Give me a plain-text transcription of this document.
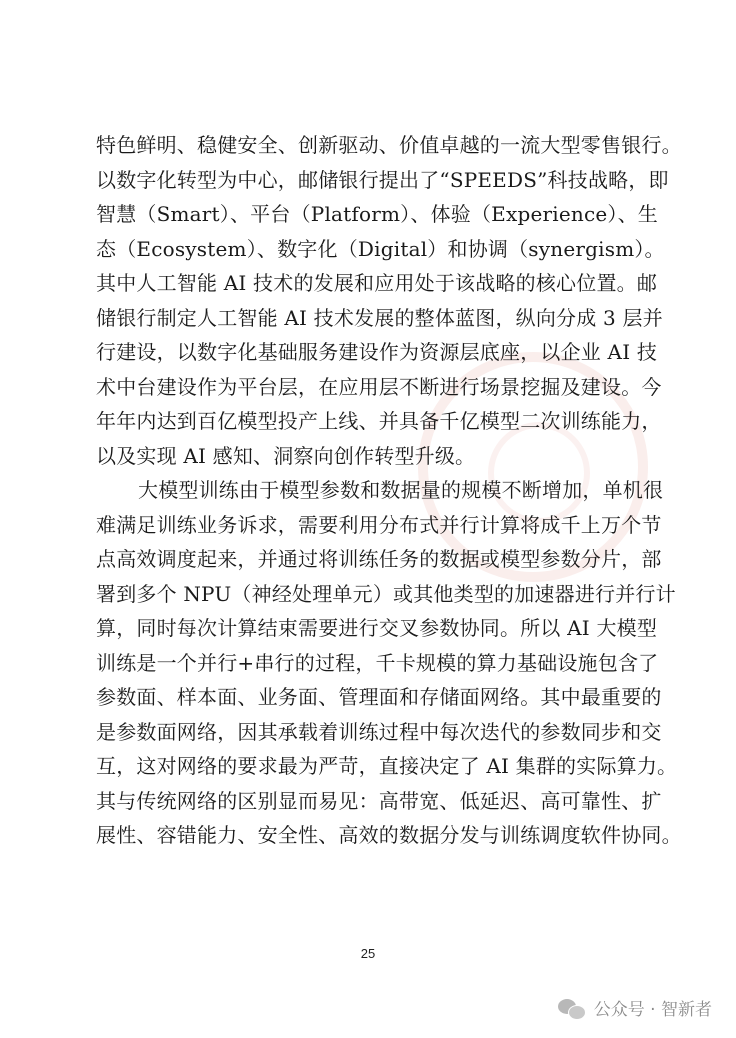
特色鲜明、稳健安全、创新驱动、价值卓越的一流大型零售银行。
以数字化转型为中心，邮储银行提出了“SPEEDS”科技战略，即
智慧（Smart）、平台（Platform）、体验（Experience）、生
态（Ecosystem）、数字化（Digital）和协调（synergism）。
其中人工智能 AI 技术的发展和应用处于该战略的核心位置。邮
储银行制定人工智能 AI 技术发展的整体蓝图，纵向分成 3 层并
行建设，以数字化基础服务建设作为资源层底座，以企业 AI 技
术中台建设作为平台层，在应用层不断进行场景挖掘及建设。今
年年内达到百亿模型投产上线、并具备千亿模型二次训练能力，
以及实现 AI 感知、洞察向创作转型升级。
大模型训练由于模型参数和数据量的规模不断增加，单机很
难满足训练业务诉求，需要利用分布式并行计算将成千上万个节
点高效调度起来，并通过将训练任务的数据或模型参数分片，部
署到多个 NPU（神经处理单元）或其他类型的加速器进行并行计
算，同时每次计算结束需要进行交叉参数协同。所以 AI 大模型
训练是一个并行+串行的过程，千卡规模的算力基础设施包含了
参数面、样本面、业务面、管理面和存储面网络。其中最重要的
是参数面网络，因其承载着训练过程中每次迭代的参数同步和交
互，这对网络的要求最为严苛，直接决定了 AI 集群的实际算力。
其与传统网络的区别显而易见：高带宽、低延迟、高可靠性、扩
展性、容错能力、安全性、高效的数据分发与训练调度软件协同。
25
公众号 · 智新者
